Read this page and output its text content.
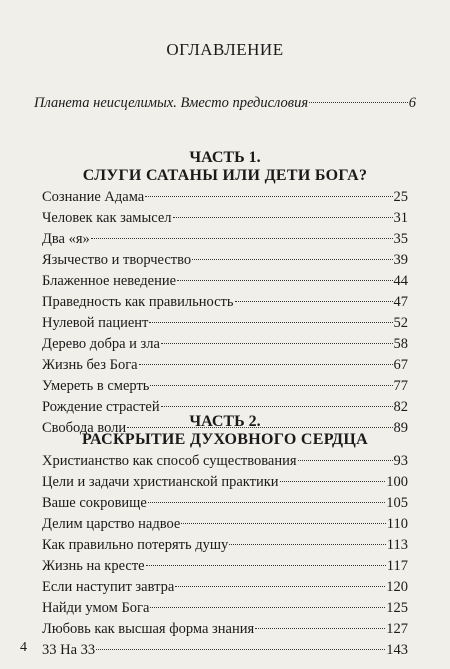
ОГЛАВЛЕНИЕ
Планета неисцелимых. Вместо предисловия	6
ЧАСТЬ 1.
СЛУГИ САТАНЫ ИЛИ ДЕТИ БОГА?
Сознание Адама	25
Человек как замысел	31
Два «я»	35
Язычество и творчество	39
Блаженное неведение	44
Праведность как правильность	47
Нулевой пациент	52
Дерево добра и зла	58
Жизнь без Бога	67
Умереть в смерть	77
Рождение страстей	82
Свобода воли	89
ЧАСТЬ 2.
РАСКРЫТИЕ ДУХОВНОГО СЕРДЦА
Христианство как способ существования	93
Цели и задачи христианской практики	100
Ваше сокровище	105
Делим царство надвое	110
Как правильно потерять душу	113
Жизнь на кресте	117
Если наступит завтра	120
Найди умом Бога	125
Любовь как высшая форма знания	127
33 На 33	143
4
